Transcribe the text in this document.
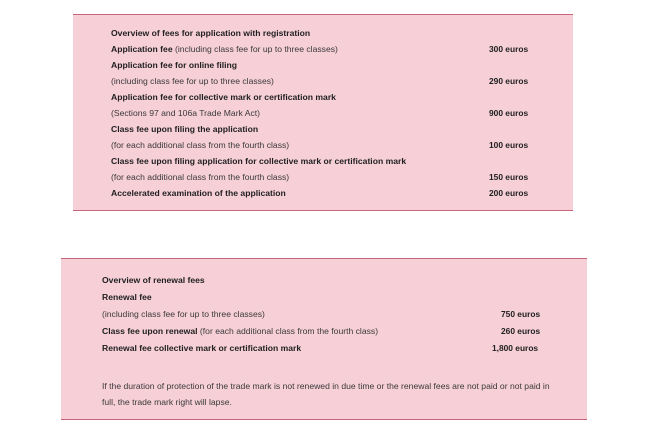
Overview of fees for application with registration
Application fee (including class fee for up to three classes)	300 euros
Application fee for online filing
(including class fee for up to three classes)	290 euros
Application fee for collective mark or certification mark
(Sections 97 and 106a Trade Mark Act)	900 euros
Class fee upon filing the application
(for each additional class from the fourth class)	100 euros
Class fee upon filing application for collective mark or certification mark
(for each additional class from the fourth class)	150 euros
Accelerated examination of the application	200 euros
Overview of renewal fees
Renewal fee
(including class fee for up to three classes)	750 euros
Class fee upon renewal (for each additional class from the fourth class)	260 euros
Renewal fee collective mark or certification mark	1,800 euros
If the duration of protection of the trade mark is not renewed in due time or the renewal fees are not paid or not paid in full, the trade mark right will lapse.
